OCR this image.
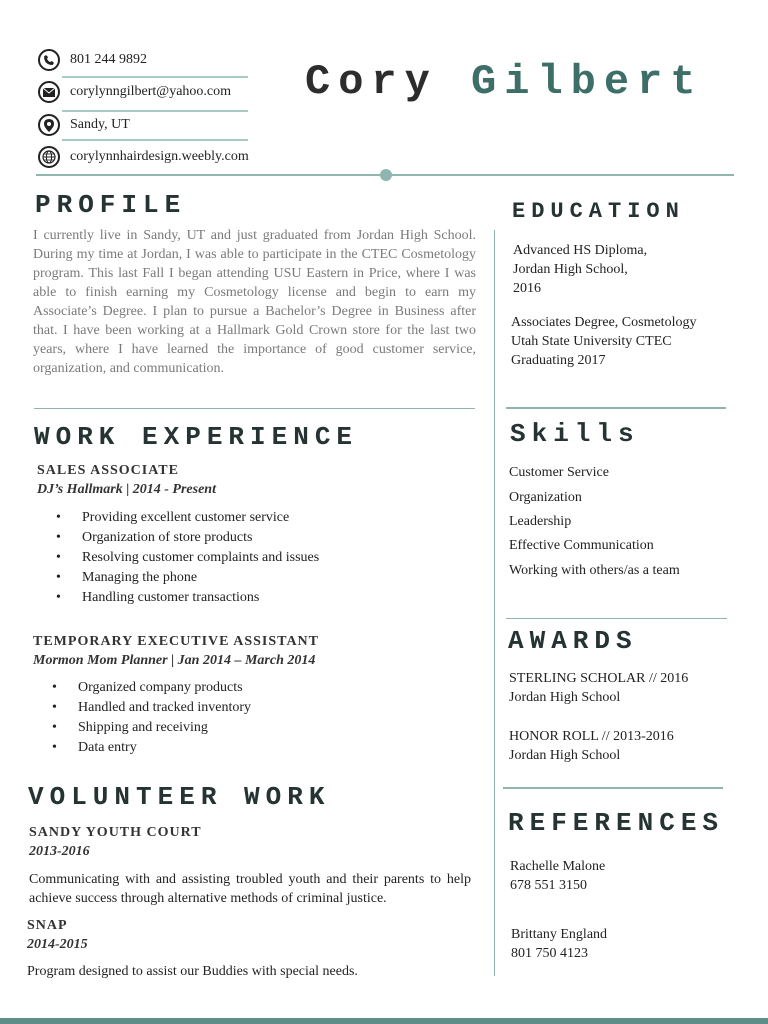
801 244 9892
corylynngilbert@yahoo.com
Sandy, UT
corylynnhairdesign.weebly.com
Cory Gilbert
PROFILE
I currently live in Sandy, UT and just graduated from Jordan High School. During my time at Jordan, I was able to participate in the CTEC Cosmetology program. This last Fall I began attending USU Eastern in Price, where I was able to finish earning my Cosmetology license and begin to earn my Associate’s Degree. I plan to pursue a Bachelor’s Degree in Business after that. I have been working at a Hallmark Gold Crown store for the last two years, where I have learned the importance of good customer service, organization, and communication.
EDUCATION
Advanced HS Diploma,
Jordan High School,
2016
Associates Degree, Cosmetology
Utah State University CTEC
Graduating 2017
WORK EXPERIENCE
SALES ASSOCIATE
DJ’s Hallmark | 2014 - Present
• Providing excellent customer service
• Organization of store products
• Resolving customer complaints and issues
• Managing the phone
• Handling customer transactions
TEMPORARY EXECUTIVE ASSISTANT
Mormon Mom Planner | Jan 2014 – March 2014
• Organized company products
• Handled and tracked inventory
• Shipping and receiving
• Data entry
Skills
Customer Service
Organization
Leadership
Effective Communication
Working with others/as a team
AWARDS
STERLING SCHOLAR // 2016
Jordan High School
HONOR ROLL // 2013-2016
Jordan High School
VOLUNTEER WORK
SANDY YOUTH COURT
2013-2016
Communicating with and assisting troubled youth and their parents to help achieve success through alternative methods of criminal justice.
SNAP
2014-2015
Program designed to assist our Buddies with special needs.
REFERENCES
Rachelle Malone
678 551 3150
Brittany England
801 750 4123
